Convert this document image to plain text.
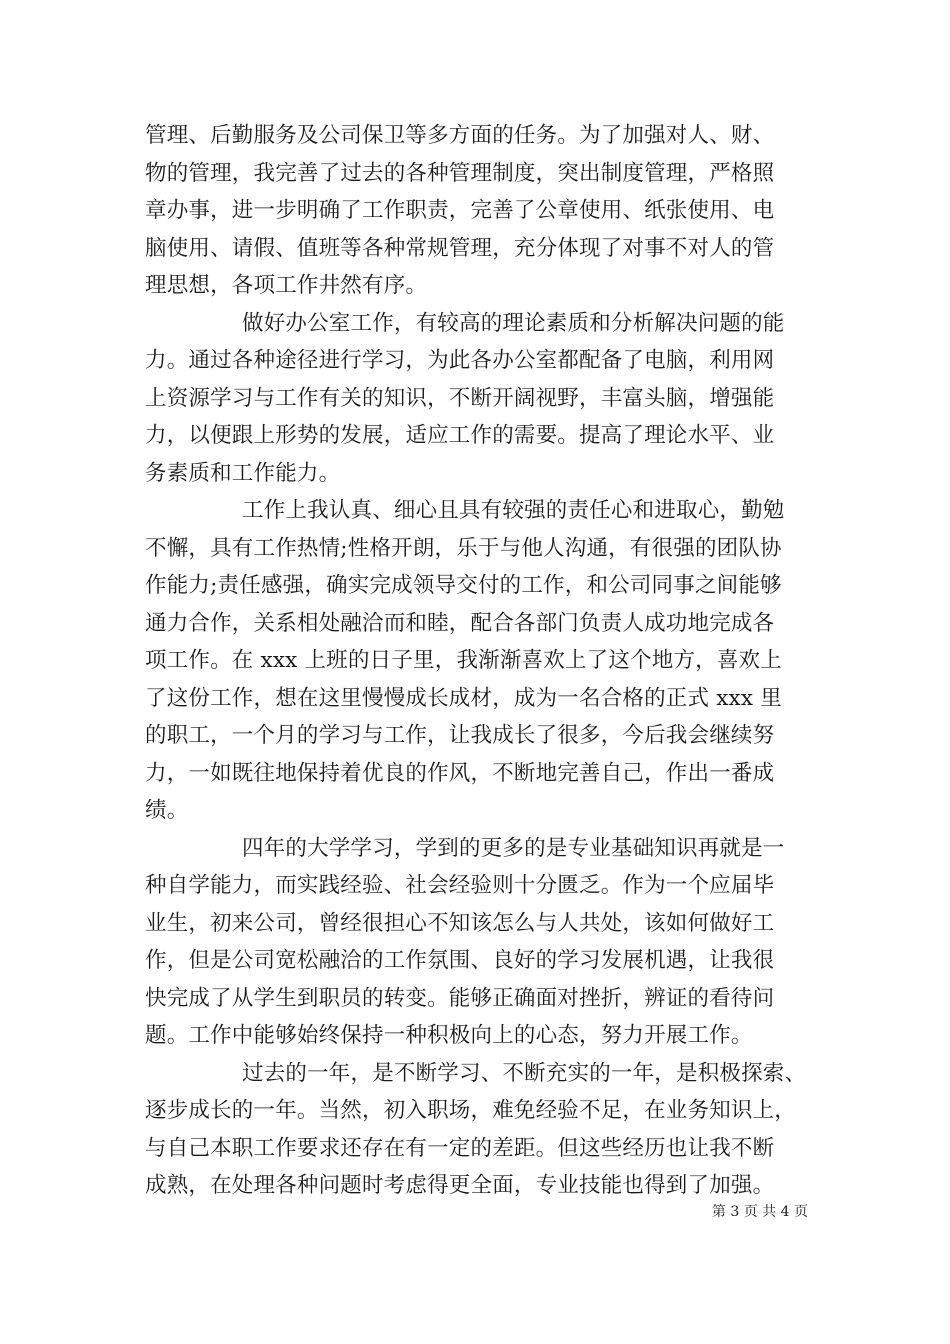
管理、后勤服务及公司保卫等多方面的任务。为了加强对人、财、
物的管理，我完善了过去的各种管理制度，突出制度管理，严格照
章办事，进一步明确了工作职责，完善了公章使用、纸张使用、电
脑使用、请假、值班等各种常规管理，充分体现了对事不对人的管
理思想，各项工作井然有序。
做好办公室工作，有较高的理论素质和分析解决问题的能
力。通过各种途径进行学习，为此各办公室都配备了电脑，利用网
上资源学习与工作有关的知识，不断开阔视野，丰富头脑，增强能
力，以便跟上形势的发展，适应工作的需要。提高了理论水平、业
务素质和工作能力。
工作上我认真、细心且具有较强的责任心和进取心，勤勉
不懈，具有工作热情;性格开朗，乐于与他人沟通，有很强的团队协
作能力;责任感强，确实完成领导交付的工作，和公司同事之间能够
通力合作，关系相处融洽而和睦，配合各部门负责人成功地完成各
项工作。在 xxx 上班的日子里，我渐渐喜欢上了这个地方，喜欢上
了这份工作，想在这里慢慢成长成材，成为一名合格的正式 xxx 里
的职工，一个月的学习与工作，让我成长了很多，今后我会继续努
力，一如既往地保持着优良的作风，不断地完善自己，作出一番成
绩。
四年的大学学习，学到的更多的是专业基础知识再就是一
种自学能力，而实践经验、社会经验则十分匮乏。作为一个应届毕
业生，初来公司，曾经很担心不知该怎么与人共处，该如何做好工
作，但是公司宽松融洽的工作氛围、良好的学习发展机遇，让我很
快完成了从学生到职员的转变。能够正确面对挫折，辨证的看待问
题。工作中能够始终保持一种积极向上的心态，努力开展工作。
过去的一年，是不断学习、不断充实的一年，是积极探索、
逐步成长的一年。当然，初入职场，难免经验不足，在业务知识上，
与自己本职工作要求还存在有一定的差距。但这些经历也让我不断
成熟，在处理各种问题时考虑得更全面，专业技能也得到了加强。
第 3 页 共 4 页
